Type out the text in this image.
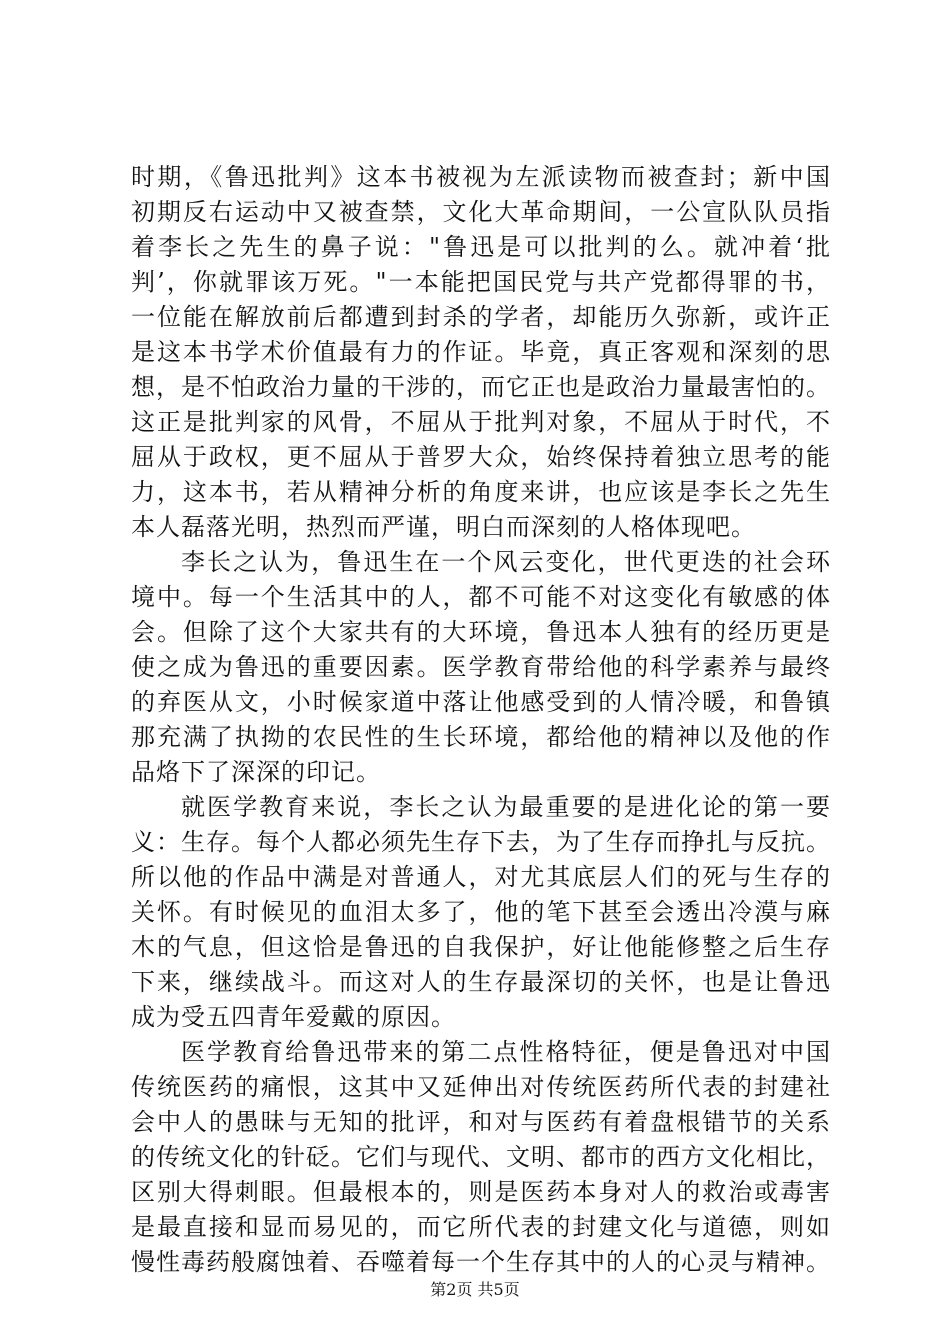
时期，《鲁迅批判》这本书被视为左派读物而被查封；新中国
初期反右运动中又被查禁，文化大革命期间，一公宣队队员指
着李长之先生的鼻子说："鲁迅是可以批判的么。就冲着‘批
判’，你就罪该万死。"一本能把国民党与共产党都得罪的书，
一位能在解放前后都遭到封杀的学者，却能历久弥新，或许正
是这本书学术价值最有力的作证。毕竟，真正客观和深刻的思
想，是不怕政治力量的干涉的，而它正也是政治力量最害怕的。
这正是批判家的风骨，不屈从于批判对象，不屈从于时代，不
屈从于政权，更不屈从于普罗大众，始终保持着独立思考的能
力，这本书，若从精神分析的角度来讲，也应该是李长之先生
本人磊落光明，热烈而严谨，明白而深刻的人格体现吧。
李长之认为，鲁迅生在一个风云变化，世代更迭的社会环
境中。每一个生活其中的人，都不可能不对这变化有敏感的体
会。但除了这个大家共有的大环境，鲁迅本人独有的经历更是
使之成为鲁迅的重要因素。医学教育带给他的科学素养与最终
的弃医从文，小时候家道中落让他感受到的人情冷暖，和鲁镇
那充满了执拗的农民性的生长环境，都给他的精神以及他的作
品烙下了深深的印记。
就医学教育来说，李长之认为最重要的是进化论的第一要
义：生存。每个人都必须先生存下去，为了生存而挣扎与反抗。
所以他的作品中满是对普通人，对尤其底层人们的死与生存的
关怀。有时候见的血泪太多了，他的笔下甚至会透出冷漠与麻
木的气息，但这恰是鲁迅的自我保护，好让他能修整之后生存
下来，继续战斗。而这对人的生存最深切的关怀，也是让鲁迅
成为受五四青年爱戴的原因。
医学教育给鲁迅带来的第二点性格特征，便是鲁迅对中国
传统医药的痛恨，这其中又延伸出对传统医药所代表的封建社
会中人的愚昧与无知的批评，和对与医药有着盘根错节的关系
的传统文化的针砭。它们与现代、文明、都市的西方文化相比，
区别大得刺眼。但最根本的，则是医药本身对人的救治或毒害
是最直接和显而易见的，而它所代表的封建文化与道德，则如
慢性毒药般腐蚀着、吞噬着每一个生存其中的人的心灵与精神。
第2页 共5页
